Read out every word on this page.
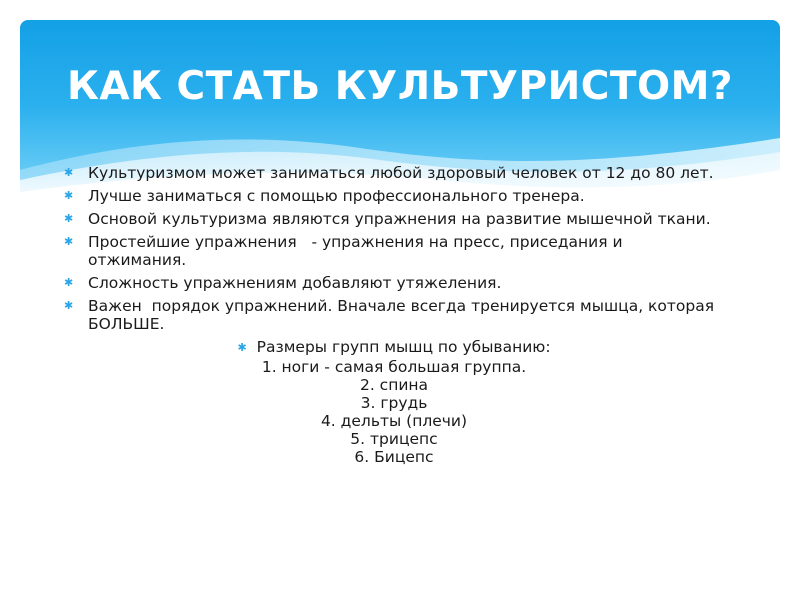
КАК СТАТЬ КУЛЬТУРИСТОМ?
✱ Культуризмом может заниматься любой здоровый человек от 12 до 80 лет.
✱ Лучше заниматься с помощью профессионального тренера.
✱ Основой культуризма являются упражнения на развитие мышечной ткани.
✱ Простейшие упражнения   - упражнения на пресс, приседания и отжимания.
✱ Сложность упражнениям добавляют утяжеления.
✱ Важен  порядок упражнений. Вначале всегда тренируется мышца, которая БОЛЬШЕ.
✱ Размеры групп мышц по убыванию:
1. ноги - самая большая группа.
2. спина
3. грудь
4. дельты (плечи)
5. трицепс
6. Бицепс
